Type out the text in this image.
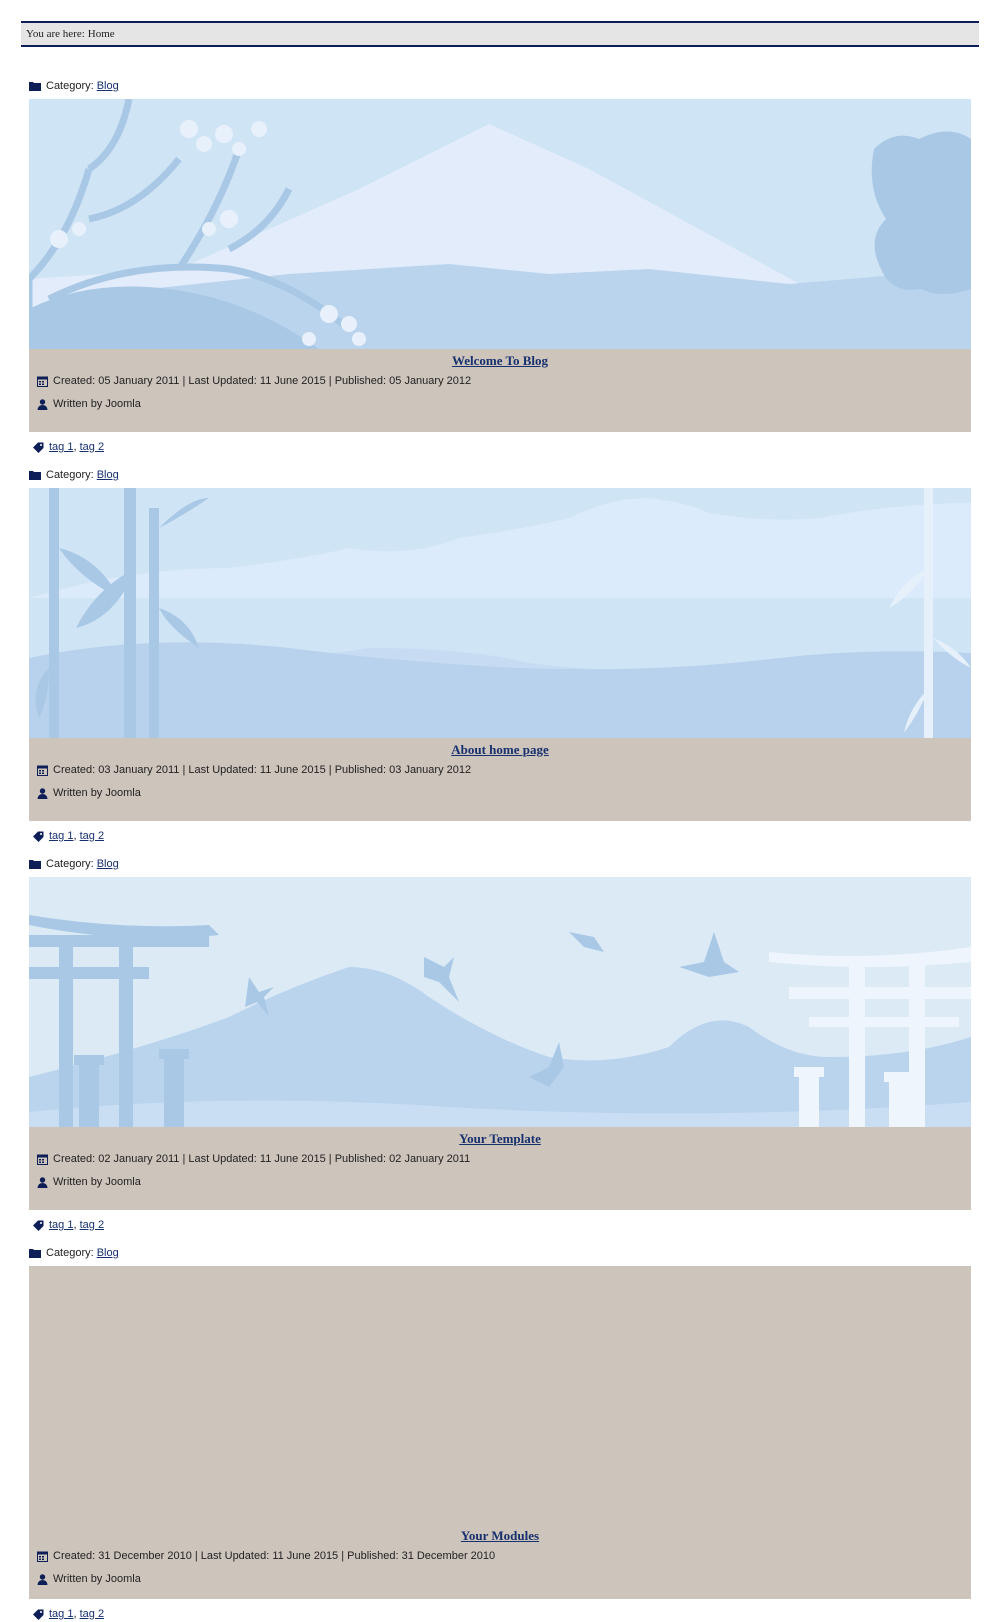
You are here: Home
Category: Blog
Welcome To Blog
Created: 05 January 2011 | Last Updated: 11 June 2015 | Published: 05 January 2012
Written by Joomla
tag 1, tag 2
Category: Blog
About home page
Created: 03 January 2011 | Last Updated: 11 June 2015 | Published: 03 January 2012
Written by Joomla
tag 1, tag 2
Category: Blog
Your Template
Created: 02 January 2011 | Last Updated: 11 June 2015 | Published: 02 January 2011
Written by Joomla
tag 1, tag 2
Category: Blog
Your Modules
Created: 31 December 2010 | Last Updated: 11 June 2015 | Published: 31 December 2010
Written by Joomla
tag 1, tag 2
